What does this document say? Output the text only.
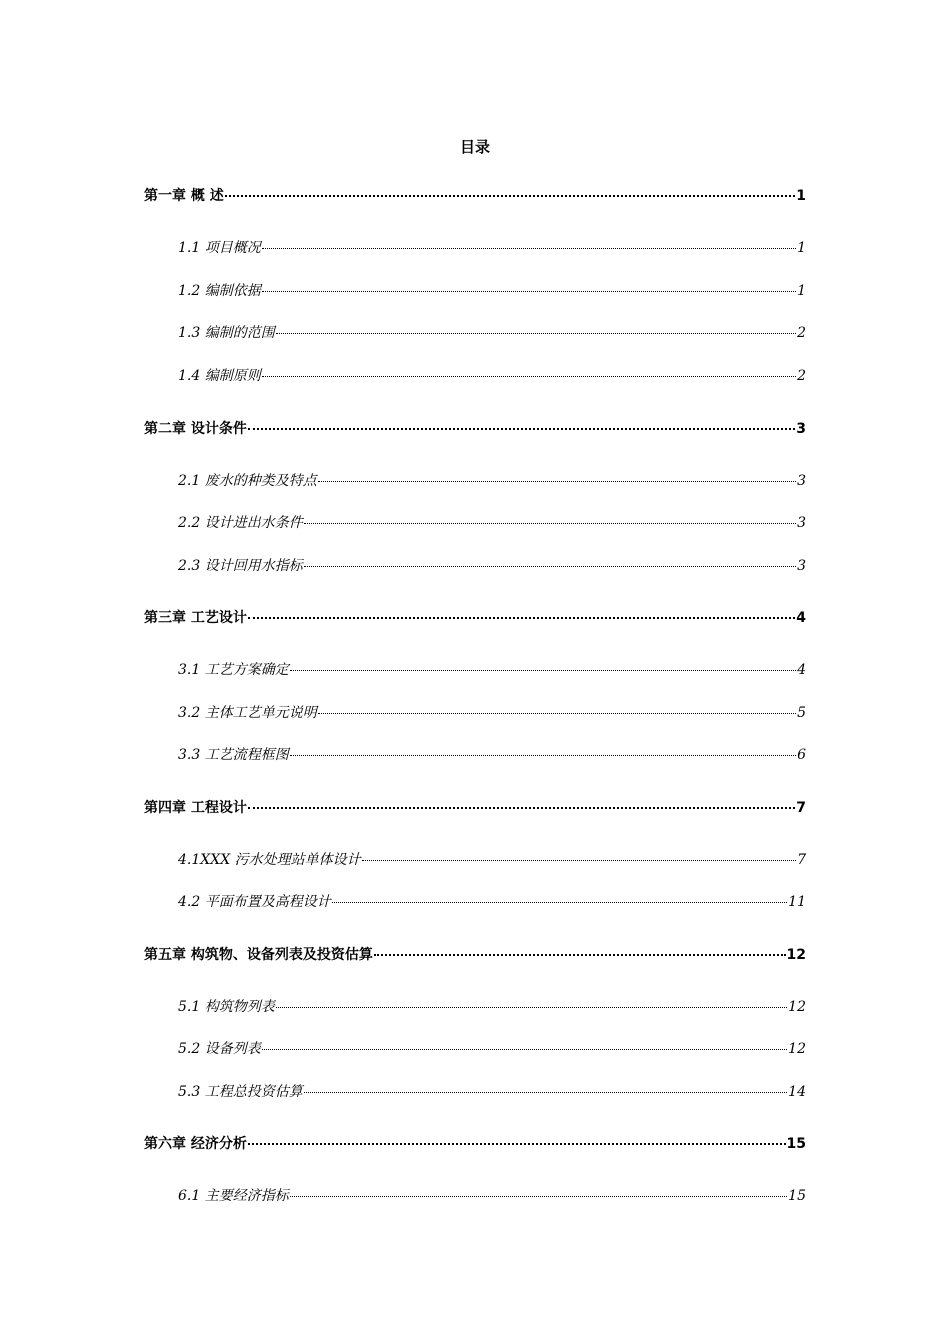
目录
第一章 概 述	1
1.1 项目概况	1
1.2 编制依据	1
1.3 编制的范围	2
1.4 编制原则	2
第二章 设计条件	3
2.1 废水的种类及特点	3
2.2 设计进出水条件	3
2.3 设计回用水指标	3
第三章 工艺设计	4
3.1 工艺方案确定	4
3.2 主体工艺单元说明	5
3.3 工艺流程框图	6
第四章 工程设计	7
4.1XXX 污水处理站单体设计	7
4.2 平面布置及高程设计	11
第五章 构筑物、设备列表及投资估算	12
5.1 构筑物列表	12
5.2 设备列表	12
5.3 工程总投资估算	14
第六章 经济分析	15
6.1 主要经济指标	15
